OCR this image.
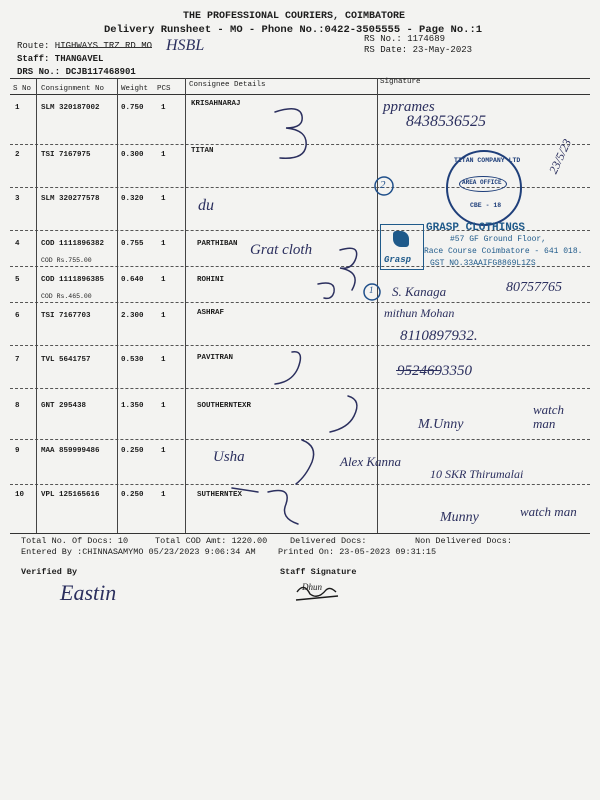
THE PROFESSIONAL COURIERS, COIMBATORE
Delivery Runsheet - MO - Phone No.:0422-3505555 - Page No.:1
Route: HIGHWAYS TRZ RD MO HSBL
Staff: THANGAVEL
DRS No.: DCJB117468901
RS No.: 1174689
RS Date: 23-May-2023
S No Consignment No Weight PCS Consignee Details	Signature
1	SLM 320187002	0.750 1	KRISAHNARAJ
2	TSI 7167975	0.300 1	TITAN
3	SLM 320277578	0.320 1
4	COD 1111896382 0.755 1	PARTHIBAN
COD Rs.755.00
5	COD 1111896385 0.640 1	ROHINI
COD Rs.465.00
6	TSI 7167703	2.300 1	ASHRAF
7	TVL 5641757	0.530 1	PAVITRAN
8	GNT 295438	1.350 1	SOUTHERNTEXR
9	MAA 859999486	0.250 1
10 VPL 125165616	0.250 1	SUTHERNTEX
pprames
8438536525
2
23/5/23
du
Grat cloth
1 S. Kanaga	80757765
mithun Mohan
8110897932.
9524693350
M.Unny
watch man
Usha	Alex Kanna
10 SKR Thirumalai
Munny	watch man
TITAN COMPANY LTD
AREA OFFICE
CBE - 18
Grasp
GRASP CLOTHINGS
#57 GF Ground Floor,
Race Course Coimbatore - 641 018.
GST NO.33AAIFG8869L1ZS
Total No. Of Docs: 10	Total COD Amt: 1220.00	Delivered Docs:	Non Delivered Docs:
Entered By :CHINNASAMYMO 05/23/2023 9:06:34 AM	Printed On: 23-05-2023 09:31:15
Verified By
Eastin
Staff Signature
Dhun
